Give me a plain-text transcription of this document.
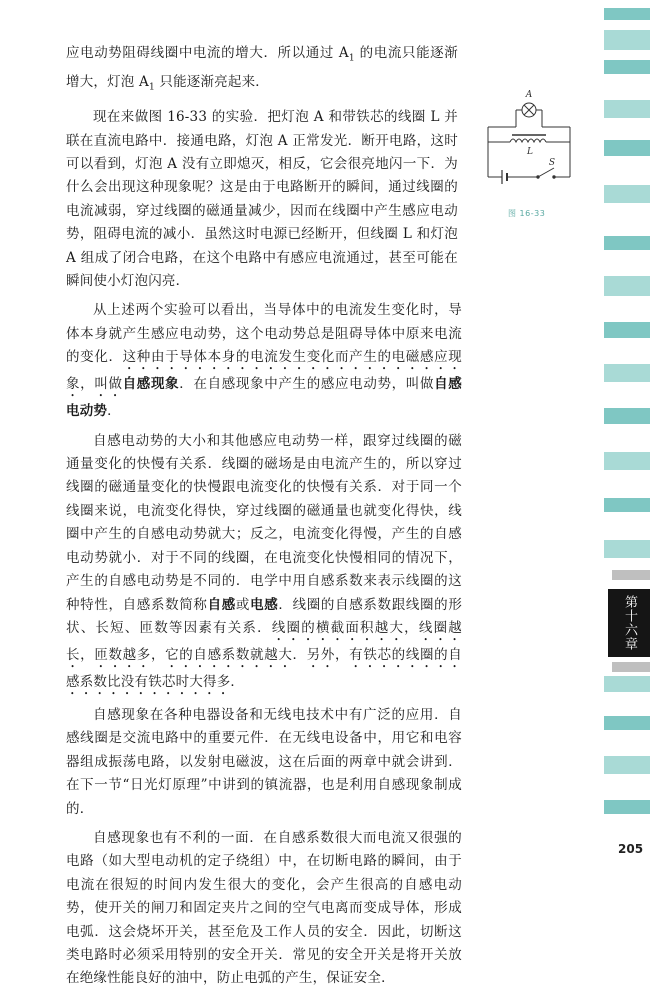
第十六章
205

应电动势阻碍线圈中电流的增大．所以通过 $A_1$ 的电流只能逐渐增大，灯泡 $A_1$ 只能逐渐亮起来．

现在来做图 16-33 的实验．把灯泡 A 和带铁芯的线圈 L 并联在直流电路中．接通电路，灯泡 A 正常发光．断开电路，这时可以看到，灯泡 A 没有立即熄灭，相反，它会很亮地闪一下．为什么会出现这种现象呢？这是由于电路断开的瞬间，通过线圈的电流减弱，穿过线圈的磁通量减少，因而在线圈中产生感应电动势，阻碍电流的减小．虽然这时电源已经断开，但线圈 L 和灯泡 A 组成了闭合电路，在这个电路中有感应电流通过，甚至可能在瞬间使小灯泡闪亮．

从上述两个实验可以看出，当导体中的电流发生变化时，导体本身就产生感应电动势，这个电动势总是阻碍导体中原来电流的变化．这种由于导体本身的电流发生变化而产生的电磁感应现象，叫做自感现象．在自感现象中产生的感应电动势，叫做自感电动势．

自感电动势的大小和其他感应电动势一样，跟穿过线圈的磁通量变化的快慢有关系．线圈的磁场是由电流产生的，所以穿过线圈的磁通量变化的快慢跟电流变化的快慢有关系．对于同一个线圈来说，电流变化得快，穿过线圈的磁通量也就变化得快，线圈中产生的自感电动势就大；反之，电流变化得慢，产生的自感电动势就小．对于不同的线圈，在电流变化快慢相同的情况下，产生的自感电动势是不同的．电学中用自感系数来表示线圈的这种特性，自感系数简称自感或电感．线圈的自感系数跟线圈的形状、长短、匝数等因素有关系．线圈的横截面积越大，线圈越长，匝数越多，它的自感系数就越大．另外，有铁芯的线圈的自感系数比没有铁芯时大得多．

自感现象在各种电器设备和无线电技术中有广泛的应用．自感线圈是交流电路中的重要元件．在无线电设备中，用它和电容器组成振荡电路，以发射电磁波，这在后面的两章中就会讲到．在下一节“日光灯原理”中讲到的镇流器，也是利用自感现象制成的．

自感现象也有不利的一面．在自感系数很大而电流又很强的电路（如大型电动机的定子绕组）中，在切断电路的瞬间，由于电流在很短的时间内发生很大的变化，会产生很高的自感电动势，使开关的闸刀和固定夹片之间的空气电离而变成导体，形成电弧．这会烧坏开关，甚至危及工作人员的安全．因此，切断这类电路时必须采用特别的安全开关．常见的安全开关是将开关放在绝缘性能良好的油中，防止电弧的产生，保证安全．

A
L
S
图 16-33
